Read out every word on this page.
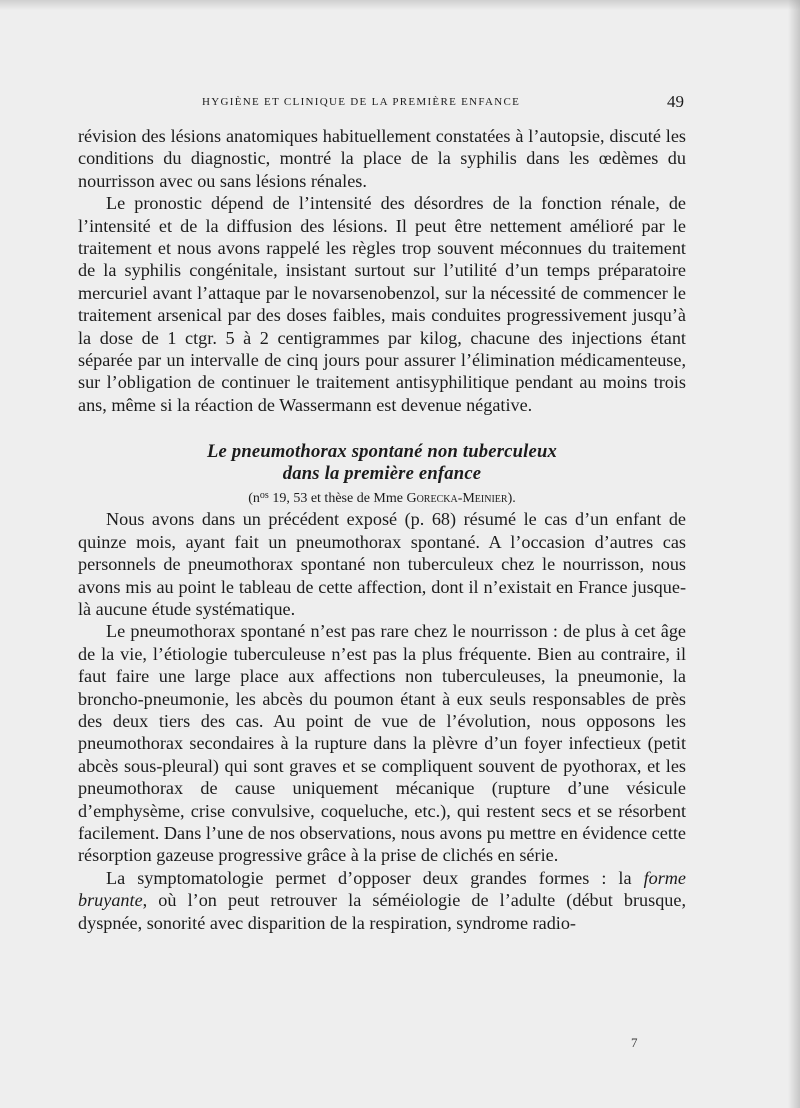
HYGIÈNE ET CLINIQUE DE LA PREMIÈRE ENFANCE	49

révision des lésions anatomiques habituellement constatées à l’autopsie, discuté les conditions du diagnostic, montré la place de la syphilis dans les œdèmes du nourrisson avec ou sans lésions rénales.

Le pronostic dépend de l’intensité des désordres de la fonction rénale, de l’intensité et de la diffusion des lésions. Il peut être nettement amélioré par le traitement et nous avons rappelé les règles trop souvent méconnues du traitement de la syphilis congénitale, insistant surtout sur l’utilité d’un temps préparatoire mercuriel avant l’attaque par le novarsenobenzol, sur la nécessité de commencer le traitement arsenical par des doses faibles, mais conduites progressivement jusqu’à la dose de 1 ctgr. 5 à 2 centigrammes par kilog, chacune des injections étant séparée par un intervalle de cinq jours pour assurer l’élimination médicamenteuse, sur l’obligation de continuer le traitement antisyphilitique pendant au moins trois ans, même si la réaction de Wassermann est devenue négative.

Le pneumothorax spontané non tuberculeux
dans la première enfance
($n^{os}$ 19, 53 et thèse de Mme Gorecka-Meinier).

Nous avons dans un précédent exposé (p. 68) résumé le cas d’un enfant de quinze mois, ayant fait un pneumothorax spontané. A l’occasion d’autres cas personnels de pneumothorax spontané non tuberculeux chez le nourrisson, nous avons mis au point le tableau de cette affection, dont il n’existait en France jusque-là aucune étude systématique.

Le pneumothorax spontané n’est pas rare chez le nourrisson : de plus à cet âge de la vie, l’étiologie tuberculeuse n’est pas la plus fréquente. Bien au contraire, il faut faire une large place aux affections non tuberculeuses, la pneumonie, la broncho-pneumonie, les abcès du poumon étant à eux seuls responsables de près des deux tiers des cas. Au point de vue de l’évolution, nous opposons les pneumothorax secondaires à la rupture dans la plèvre d’un foyer infectieux (petit abcès sous-pleural) qui sont graves et se compliquent souvent de pyothorax, et les pneumothorax de cause uniquement mécanique (rupture d’une vésicule d’emphysème, crise convulsive, coqueluche, etc.), qui restent secs et se résorbent facilement. Dans l’une de nos observations, nous avons pu mettre en évidence cette résorption gazeuse progressive grâce à la prise de clichés en série.

La symptomatologie permet d’opposer deux grandes formes : la forme bruyante, où l’on peut retrouver la séméiologie de l’adulte (début brusque, dyspnée, sonorité avec disparition de la respiration, syndrome radio-

7
